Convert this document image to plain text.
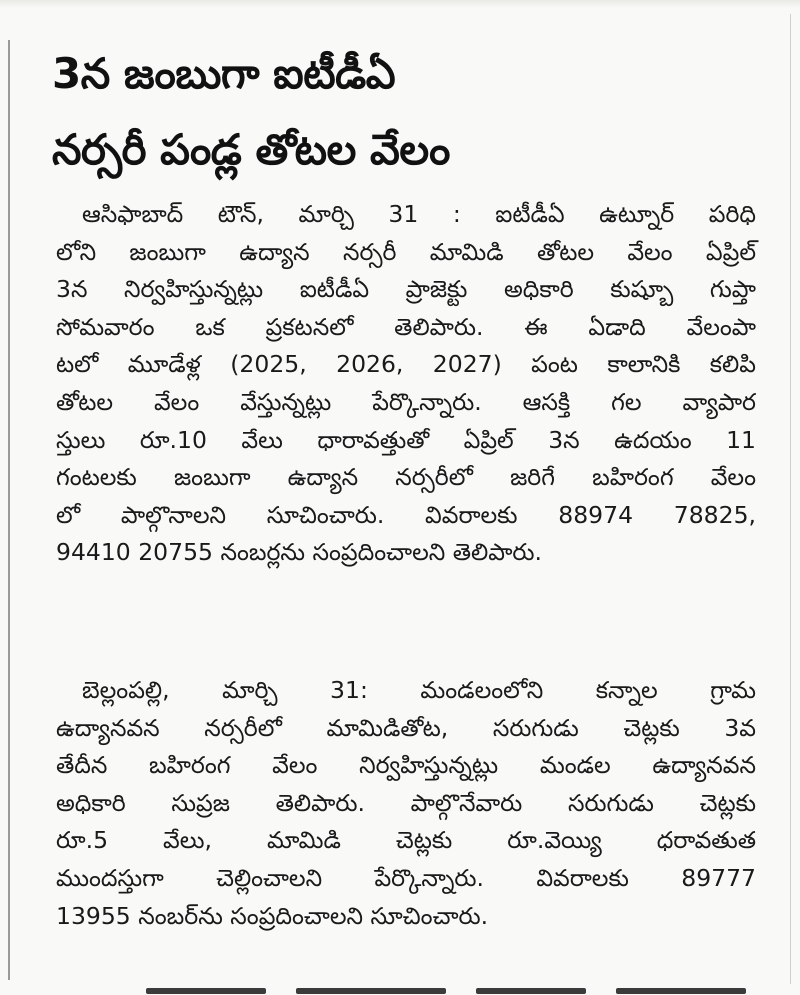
3న జంబుగా ఐటీడీఏ
నర్సరీ పండ్ల తోటల వేలం
ఆసిఫాబాద్ టౌన్, మార్చి 31 : ఐటీడీఏ ఉట్నూర్ పరిధి
లోని జంబుగా ఉద్యాన నర్సరీ మామిడి తోటల వేలం ఏప్రిల్
3న నిర్వహిస్తున్నట్లు ఐటీడీఏ ప్రాజెక్టు అధికారి కుష్బూ గుప్తా
సోమవారం ఒక ప్రకటనలో తెలిపారు. ఈ ఏడాది వేలంపా
టలో మూడేళ్ల (2025, 2026, 2027) పంట కాలానికి కలిపి
తోటల వేలం వేస్తున్నట్లు పేర్కొన్నారు. ఆసక్తి గల వ్యాపార
స్తులు రూ.10 వేలు ధారావత్తుతో ఏప్రిల్ 3న ఉదయం 11
గంటలకు జంబుగా ఉద్యాన నర్సరీలో జరిగే బహిరంగ వేలం
లో పాల్గొనాలని సూచించారు. వివరాలకు 88974 78825,
94410 20755 నంబర్లను సంప్రదించాలని తెలిపారు.
బెల్లంపల్లి, మార్చి 31: మండలంలోని కన్నాల గ్రామ
ఉద్యానవన నర్సరీలో మామిడితోట, సరుగుడు చెట్లకు 3వ
తేదీన బహిరంగ వేలం నిర్వహిస్తున్నట్లు మండల ఉద్యానవన
అధికారి సుప్రజ తెలిపారు. పాల్గొనేవారు సరుగుడు చెట్లకు
రూ.5 వేలు, మామిడి చెట్లకు రూ.వెయ్యి ధరావతుత
ముందస్తుగా చెల్లించాలని పేర్కొన్నారు. వివరాలకు 89777
13955 నంబర్‌ను సంప్రదించాలని సూచించారు.
